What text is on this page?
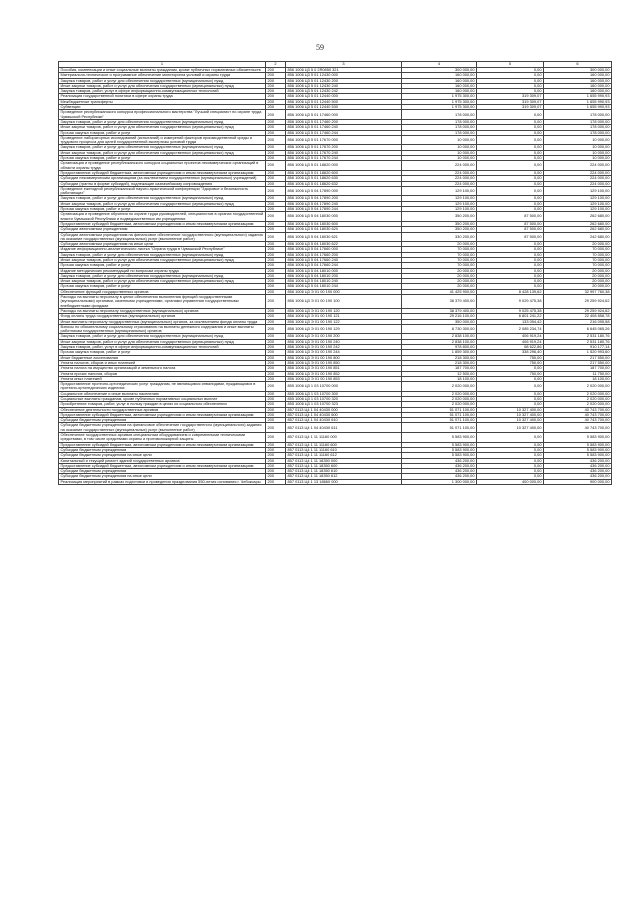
59
1	2	3	4	5	6
Пособия, компенсации и иные социальные выплаты гражданам, кроме публичных нормативных обязательств	200	856 1006 Ц3 5 0 2R0850 321	300 000,00	0,00	300 000,00
Материально-техническое и программное обеспечение мониторинга условий и охраны труда	200	856 1006 Ц3 5 01 12430 000	160 000,00	0,00	160 000,00
Закупка товаров, работ и услуг для обеспечения государственных (муниципальных) нужд	200	856 1006 Ц3 5 01 12430 200	160 000,00	0,00	160 000,00
Иные закупки товаров, работ и услуг для обеспечения государственных (муниципальных) нужд	200	856 1006 Ц3 5 01 12430 240	160 000,00	0,00	160 000,00
Закупка товаров, работ, услуг в сфере информационно-коммуникационных технологий	200	856 1006 Ц3 5 01 12430 242	160 000,00	0,00	160 000,00
Реализация государственной политики в сфере охраны труда	200	856 1006 Ц3 5 01 12440 000	1 975 300,00	319 309,07	1 655 990,93
Межбюджетные трансферты	200	856 1006 Ц3 5 01 12440 500	1 975 300,00	319 309,07	1 655 990,93
Субвенции	200	856 1006 Ц3 5 01 12440 530	1 975 300,00	319 309,07	1 655 990,93
Проведение республиканского конкурса профессионального мастерства "Лучший специалист по охране труда Чувашской Республики"	200	856 1006 Ц3 5 01 17460 000	178 000,00	0,00	178 000,00
Закупка товаров, работ и услуг для обеспечения государственных (муниципальных) нужд	200	856 1006 Ц3 5 01 17460 200	178 000,00	0,00	178 000,00
Иные закупки товаров, работ и услуг для обеспечения государственных (муниципальных) нужд	200	856 1006 Ц3 5 01 17460 240	178 000,00	0,00	178 000,00
Прочая закупка товаров, работ и услуг	200	856 1006 Ц3 5 01 17460 244	178 000,00	0,00	178 000,00
Проведение лабораторных исследований (испытаний) и измерений факторов производственной среды и трудового процесса для целей государственной экспертизы условий труда	200	856 1006 Ц3 5 01 17670 000	10 000,00	0,00	10 000,00
Закупка товаров, работ и услуг для обеспечения государственных (муниципальных) нужд	200	856 1006 Ц3 5 01 17670 200	10 000,00	0,00	10 000,00
Иные закупки товаров, работ и услуг для обеспечения государственных (муниципальных) нужд	200	856 1006 Ц3 5 01 17670 240	10 000,00	0,00	10 000,00
Прочая закупка товаров, работ и услуг	200	856 1006 Ц3 5 01 17670 244	10 000,00	0,00	10 000,00
Организация и проведение республиканского конкурса социальных проектов некоммерческих организаций в области охраны труда	200	856 1006 Ц3 5 01 18620 000	224 000,00	0,00	224 000,00
Предоставление субсидий бюджетным, автономным учреждениям и иным некоммерческим организациям	200	856 1006 Ц3 5 01 18620 600	224 000,00	0,00	224 000,00
Субсидии некоммерческим организациям (за исключением государственных (муниципальных) учреждений)	200	856 1006 Ц3 5 01 18620 630	224 000,00	0,00	224 000,00
Субсидии (гранты в форме субсидий), подлежащие казначейскому сопровождению	200	856 1006 Ц3 5 01 18620 632	224 000,00	0,00	224 000,00
Проведение ежегодной республиканской научно-практической конференции "Здоровье и безопасность работающих"	200	856 1006 Ц3 5 04 17890 000	129 100,00	0,00	129 100,00
Закупка товаров, работ и услуг для обеспечения государственных (муниципальных) нужд	200	856 1006 Ц3 5 04 17890 200	129 100,00	0,00	129 100,00
Иные закупки товаров, работ и услуг для обеспечения государственных (муниципальных) нужд	200	856 1006 Ц3 5 04 17890 240	129 100,00	0,00	129 100,00
Прочая закупка товаров, работ и услуг	200	856 1006 Ц3 5 04 17890 244	129 100,00	0,00	129 100,00
Организация и проведение обучения по охране труда руководителей, специалистов в органах государственной власти Чувашской Республики и подведомственных им учреждениях	200	856 1006 Ц3 5 04 18030 000	350 200,00	87 500,00	262 680,00
Предоставление субсидий бюджетным, автономным учреждениям и иным некоммерческим организациям	200	856 1006 Ц3 5 04 18030 600	350 200,00	87 500,00	262 680,00
Субсидии автономным учреждениям	200	856 1006 Ц3 5 04 18030 620	350 200,00	87 500,00	262 680,00
Субсидии автономным учреждениям на финансовое обеспечение государственного (муниципального) задания на оказание государственных (муниципальных) услуг (выполнение работ)	200	856 1006 Ц3 5 04 18030 621	330 200,00	87 500,00	242 680,00
Субсидии автономным учреждениям на иные цели	200	856 1006 Ц3 5 04 18030 622	20 000,00	0,00	20 000,00
Издание информационно-аналитического листка "Охрана труда в Чувашской Республике"	200	856 1006 Ц3 5 04 17660 000	70 000,00	0,00	70 000,00
Закупка товаров, работ и услуг для обеспечения государственных (муниципальных) нужд	200	856 1006 Ц3 5 04 17660 200	70 000,00	0,00	70 000,00
Иные закупки товаров, работ и услуг для обеспечения государственных (муниципальных) нужд	200	856 1006 Ц3 5 04 17660 240	70 000,00	0,00	70 000,00
Прочая закупка товаров, работ и услуг	200	856 1006 Ц3 5 04 17660 244	70 000,00	0,00	70 000,00
Издание методических рекомендаций по вопросам охраны труда	200	856 1006 Ц3 5 04 18010 000	20 000,00	0,00	20 000,00
Закупка товаров, работ и услуг для обеспечения государственных (муниципальных) нужд	200	856 1006 Ц3 5 04 18010 200	20 000,00	0,00	20 000,00
Иные закупки товаров, работ и услуг для обеспечения государственных (муниципальных) нужд	200	856 1006 Ц3 5 04 18010 240	20 000,00	0,00	20 000,00
Прочая закупка товаров, работ и услуг	200	856 1006 Ц3 5 04 18010 244	20 000,00	0,00	20 000,00
Обеспечение функций государственных органов	200	856 1006 Ц3 Э 01 00 190 000	41 425 900,00	8 428 139,62	32 997 760,38
Расходы на выплаты персоналу в целях обеспечения выполнения функций государственными (муниципальными) органами, казенными учреждениями, органами управления государственными внебюджетными фондами	200	856 1006 Ц3 Э 01 00 190 100	38 379 400,00	9 029 475,38	29 259 924,62
Расходы на выплаты персоналу государственных (муниципальных) органов	200	856 1006 Ц3 Э 01 00 190 120	38 379 400,00	9 025 475,38	29 259 924,62
Фонд оплаты труда государственных (муниципальных) органов	200	856 1006 Ц3 Э 01 00 190 121	29 216 100,00	6 801 241,22	22 408 858,78
Иные выплаты персоналу государственных (муниципальных) органов, за исключением фонда оплаты труда	200	856 1006 Ц3 Э 01 00 190 122	350 000,00	133 054,42	216 095,58
Взносы по обязательному социальному страхованию на выплаты денежного содержания и иные выплаты работникам государственных (муниципальных) органов	200	856 1006 Ц3 Э 01 00 190 129	8 730 300,00	2 085 234,74	6 645 065,26
Закупка товаров, работ и услуг для обеспечения государственных (муниципальных) нужд	200	856 1006 Ц3 Э 01 00 190 200	2 838 100,00	406 919,24	2 531 180,76
Иные закупки товаров, работ и услуг для обеспечения государственных (муниципальных) нужд	200	856 1006 Ц3 Э 01 00 190 240	2 838 100,00	406 919,24	2 531 180,76
Закупка товаров, работ, услуг в сфере информационно-коммуникационных технологий	200	856 1006 Ц3 Э 01 00 190 242	978 800,00	68 622,86	910 177,14
Прочая закупка товаров, работ и услуг	200	856 1006 Ц3 Э 01 00 190 244	1 859 300,00	338 296,40	1 520 993,60
Иные бюджетные ассигнования	200	856 1006 Ц3 Э 01 00 190 800	218 300,00	750,00	217 550,00
Уплата налогов, сборов и иных платежей	200	856 1006 Ц3 Э 01 00 190 850	218 300,00	750,00	217 550,00
Уплата налога на имущество организаций и земельного налога	200	856 1006 Ц3 Э 01 00 190 851	187 700,00	0,00	187 700,00
Уплата прочих налогов, сборов	200	856 1006 Ц3 Э 01 00 190 852	12 500,00	750,00	11 750,00
Уплата иных платежей	200	856 1006 Ц3 Э 01 00 190 853	18 100,00	0,00	18 100,00
Предоставление протезно-ортопедических услуг гражданам, не являющимся инвалидами, нуждающимся в протезно-ортопедических изделиях	200	855 1006 Ц3 1 03 10700 000	2 020 000,00	0,00	2 020 000,00
Социальное обеспечение и иные выплаты населению	200	855 1006 Ц3 1 03 10700 300	2 020 000,00	0,00	2 020 000,00
Социальные выплаты гражданам, кроме публичных нормативных социальных выплат	200	855 1006 Ц3 1 03 10700 320	2 020 000,00	0,00	2 020 000,00
Приобретение товаров, работ, услуг в пользу граждан в целях их социального обеспечения	200	855 1006 Ц3 1 03 10700 323	2 020 000,00	0,00	2 020 000,00
Обеспечение деятельности государственных архивов	200	857 0113 Ц4 1 04 40430 000	51 071 100,00	10 327 400,00	40 743 700,00
Предоставление субсидий бюджетным, автономным учреждениям и иным некоммерческим организациям	200	857 0113 Ц4 1 04 40430 600	51 071 100,00	10 327 400,00	40 743 700,00
Субсидии бюджетным учреждениям	200	857 0113 Ц4 1 04 40430 610	51 071 100,00	10 327 400,00	40 743 700,00
Субсидии бюджетным учреждениям на финансовое обеспечение государственного (муниципального) задания на оказание государственных (муниципальных) услуг (выполнение работ)	200	857 0113 Ц4 1 04 40430 611	51 071 100,00	10 327 400,00	40 743 700,00
Обеспечение государственных архивов специальным оборудованием и современными техническими средствами, в том числе средствами охраны и противопожарной защиты	200	857 0113 Ц4 1 11 11160 000	5 583 900,00	0,00	5 583 900,00
Предоставление субсидий бюджетным, автономным учреждениям и иным некоммерческим организациям	200	857 0113 Ц4 1 11 11160 600	5 583 900,00	0,00	5 583 900,00
Субсидии бюджетным учреждениям	200	857 0113 Ц4 1 11 11160 610	5 583 900,00	0,00	5 583 900,00
Субсидии бюджетным учреждениям на иные цели	200	857 0113 Ц4 1 11 11160 612	5 583 900,00	0,00	5 583 900,00
Капитальный и текущий ремонт зданий государственных архивов	200	857 0113 Ц4 1 11 18350 000	436 200,00	0,00	436 200,00
Предоставление субсидий бюджетным, автономным учреждениям и иным некоммерческим организациям	200	857 0113 Ц4 1 11 18350 600	436 200,00	0,00	436 200,00
Субсидии бюджетным учреждениям	200	857 0113 Ц4 1 11 18350 610	436 200,00	0,00	436 200,00
Субсидии бюджетным учреждениям на иные цели	200	857 0113 Ц4 1 11 18350 612	436 200,00	0,00	436 200,00
Реализация мероприятий в рамках подготовки и проведения празднования 550-летия основания г. Чебоксары	200	857 0113 Ц4 1 13 18660 000	1 300 000,00	400 000,00	900 000,00
